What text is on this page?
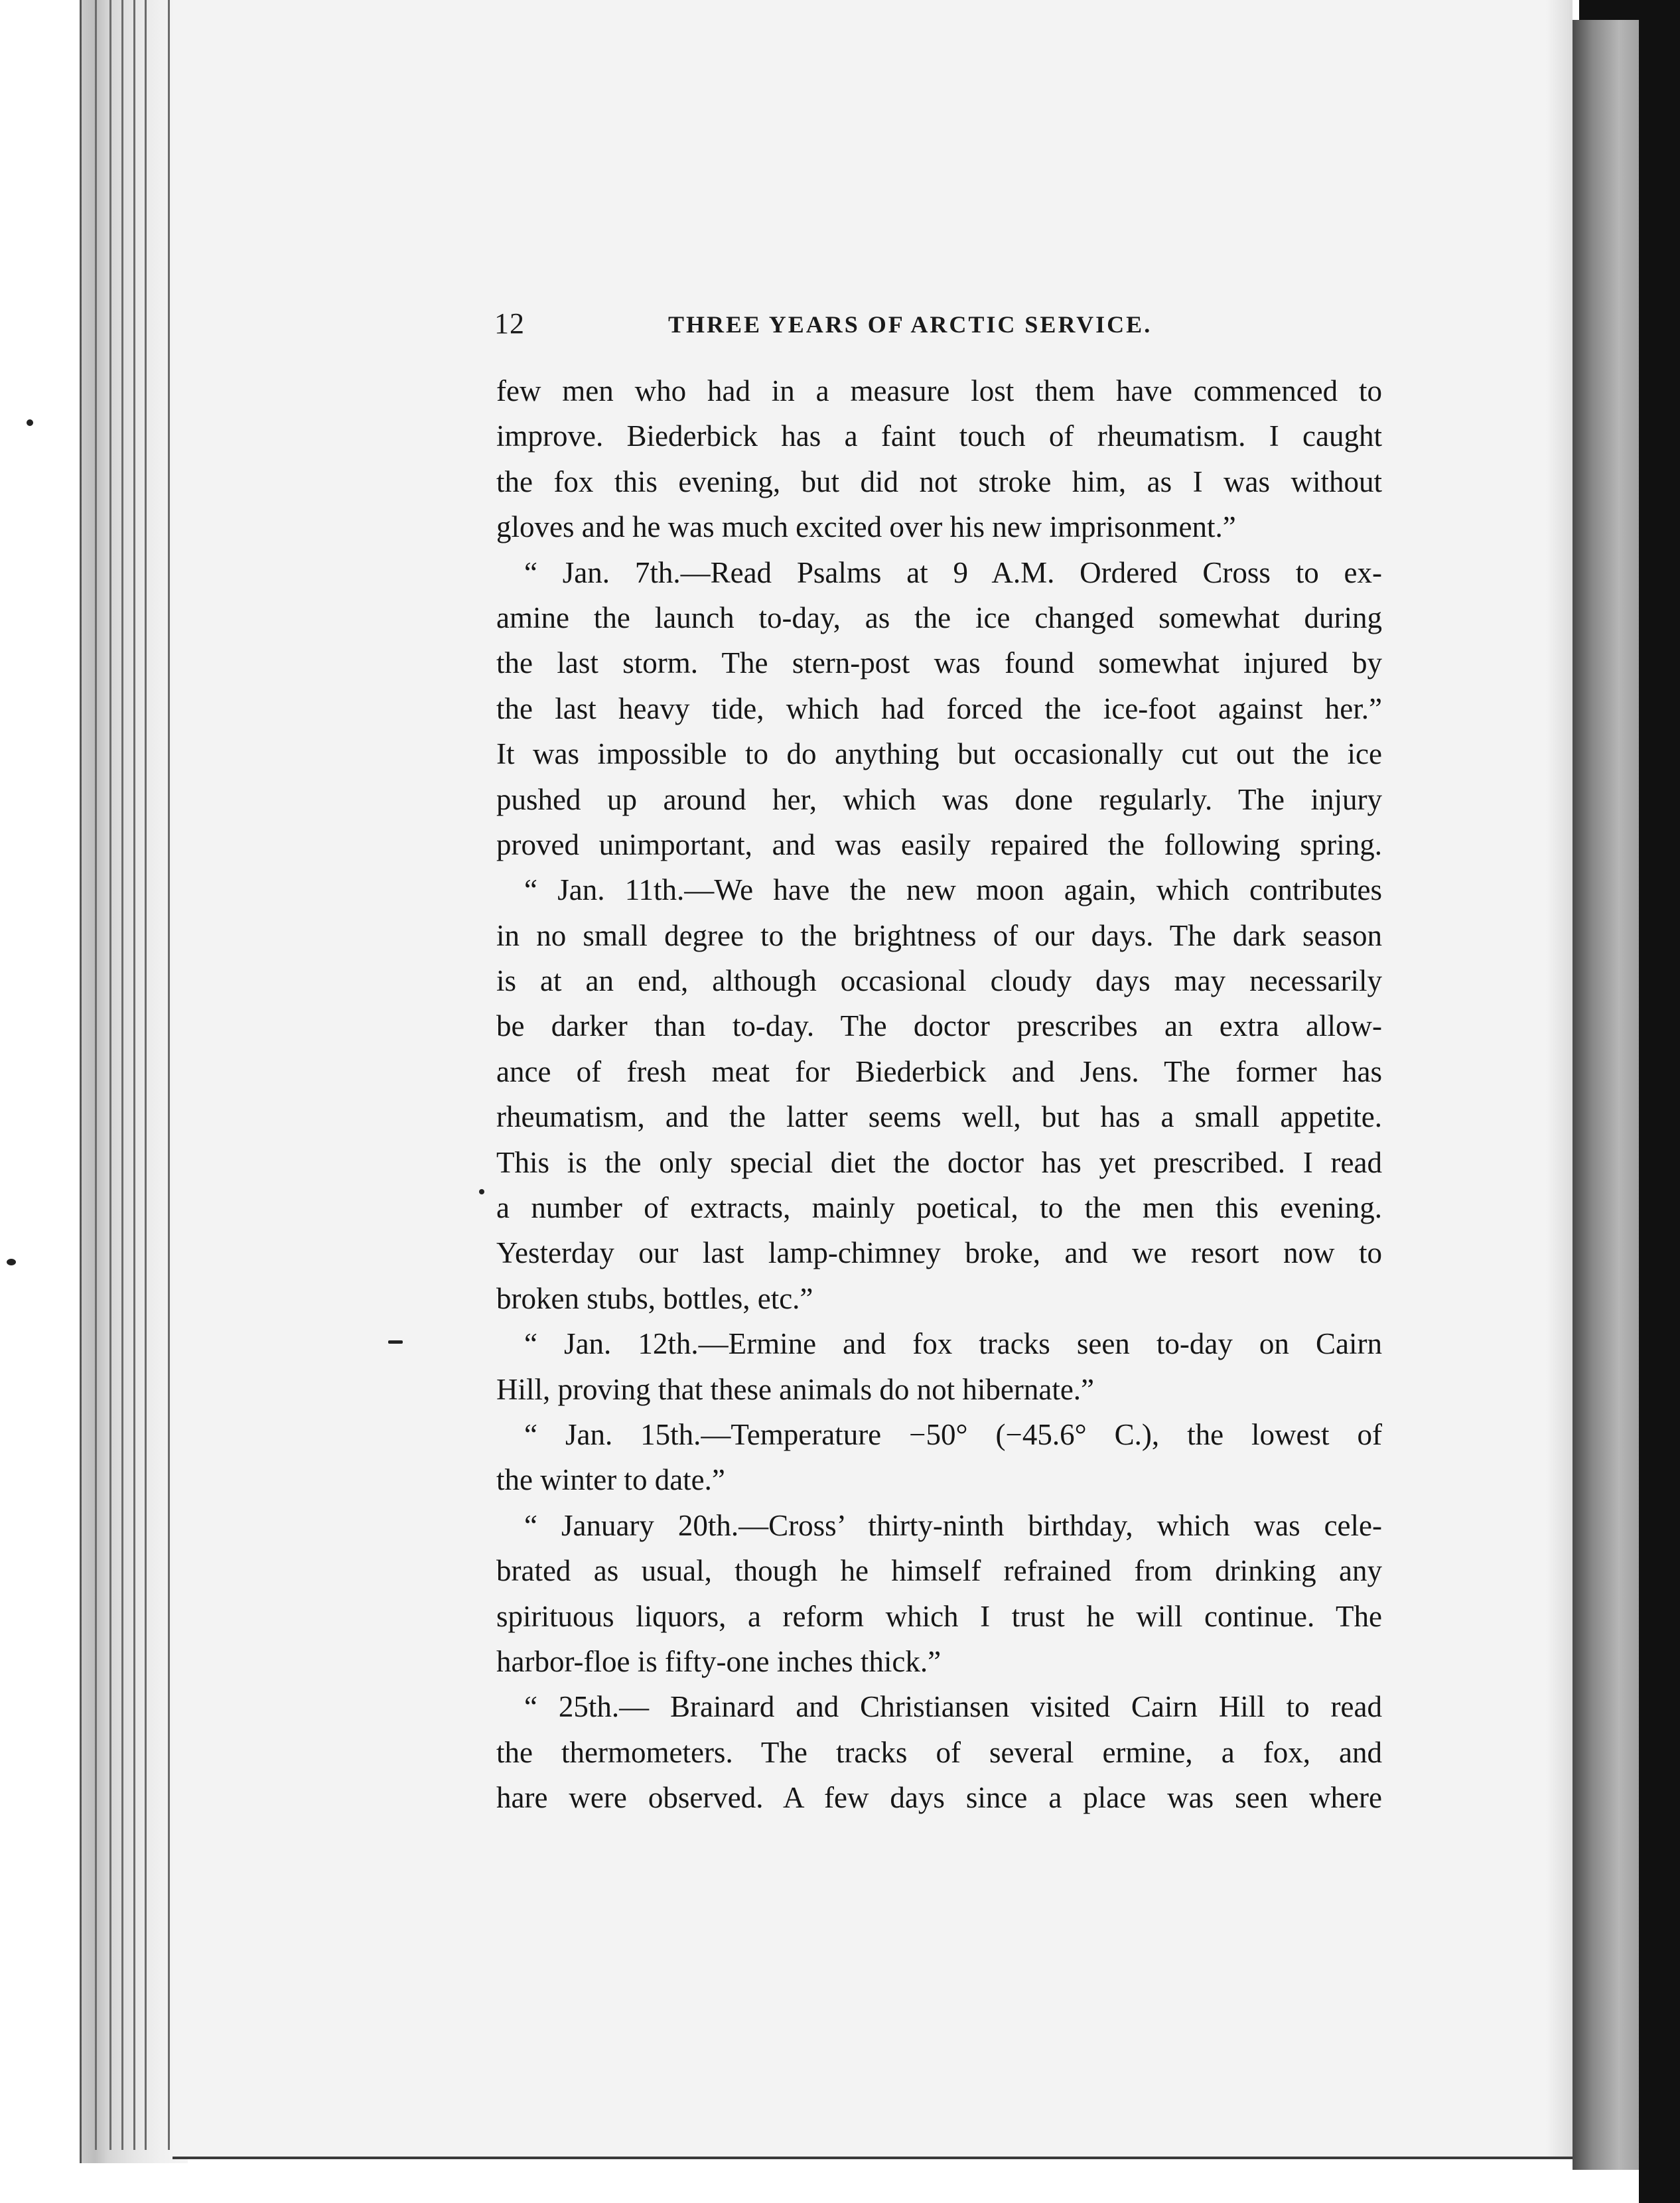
12	THREE YEARS OF ARCTIC SERVICE.
few men who had in a measure lost them have commenced to
improve. Biederbick has a faint touch of rheumatism. I caught
the fox this evening, but did not stroke him, as I was without
gloves and he was much excited over his new imprisonment.”
“ Jan. 7th.—Read Psalms at 9 A.M. Ordered Cross to ex-
amine the launch to-day, as the ice changed somewhat during
the last storm. The stern-post was found somewhat injured by
the last heavy tide, which had forced the ice-foot against her.”
It was impossible to do anything but occasionally cut out the ice
pushed up around her, which was done regularly. The injury
proved unimportant, and was easily repaired the following spring.
“ Jan. 11th.—We have the new moon again, which contributes
in no small degree to the brightness of our days. The dark season
is at an end, although occasional cloudy days may necessarily
be darker than to-day. The doctor prescribes an extra allow-
ance of fresh meat for Biederbick and Jens. The former has
rheumatism, and the latter seems well, but has a small appetite.
This is the only special diet the doctor has yet prescribed. I read
a number of extracts, mainly poetical, to the men this evening.
Yesterday our last lamp-chimney broke, and we resort now to
broken stubs, bottles, etc.”
“ Jan. 12th.—Ermine and fox tracks seen to-day on Cairn
Hill, proving that these animals do not hibernate.”
“ Jan. 15th.—Temperature −50° (−45.6° C.), the lowest of
the winter to date.”
“ January 20th.—Cross’ thirty-ninth birthday, which was cele-
brated as usual, though he himself refrained from drinking any
spirituous liquors, a reform which I trust he will continue. The
harbor-floe is fifty-one inches thick.”
“ 25th.— Brainard and Christiansen visited Cairn Hill to read
the thermometers. The tracks of several ermine, a fox, and
hare were observed. A few days since a place was seen where
